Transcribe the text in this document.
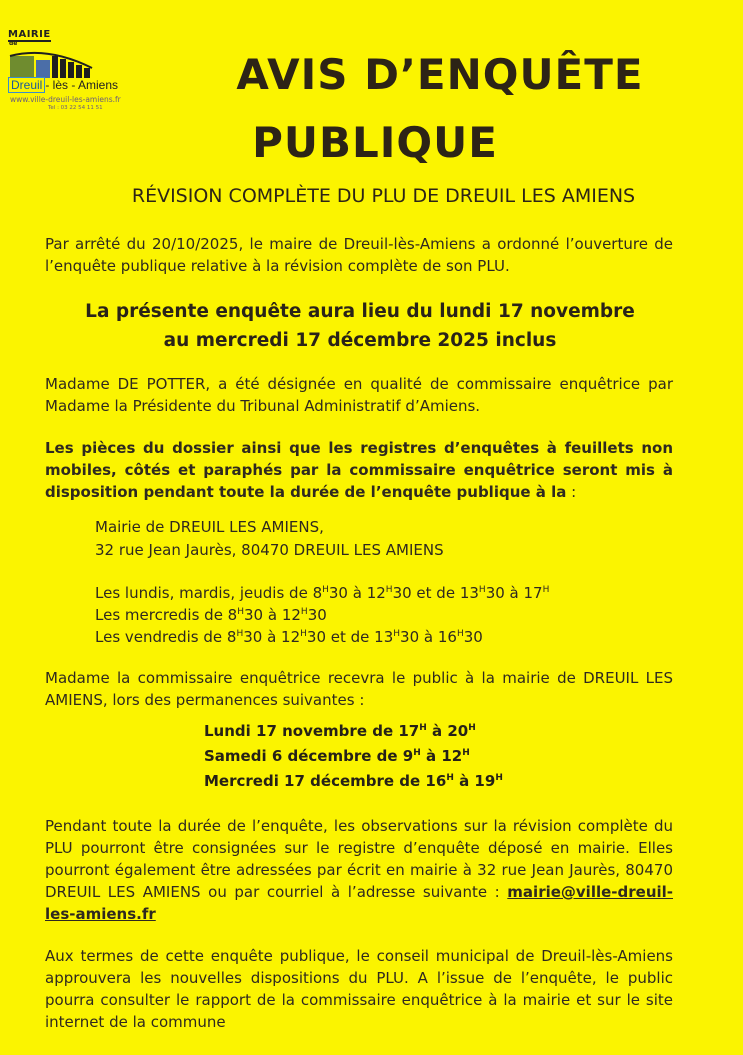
MAIRIE
de
Dreuil - lès - Amiens
www.ville-dreuil-les-amiens.fr
Tel : 03 22 54 11 51
AVIS D’ENQUÊTE
PUBLIQUE
RÉVISION COMPLÈTE DU PLU DE DREUIL LES AMIENS
Par arrêté du 20/10/2025, le maire de Dreuil-lès-Amiens a ordonné l’ouverture de l’enquête publique relative à la révision complète de son PLU.
La présente enquête aura lieu du lundi 17 novembre
au mercredi 17 décembre 2025 inclus
Madame DE POTTER, a été désignée en qualité de commissaire enquêtrice par Madame la Présidente du Tribunal Administratif d’Amiens.
Les pièces du dossier ainsi que les registres d’enquêtes à feuillets non mobiles, côtés et paraphés par la commissaire enquêtrice seront mis à disposition pendant toute la durée de l’enquête publique à la :
Mairie de DREUIL LES AMIENS,
32 rue Jean Jaurès, 80470 DREUIL LES AMIENS
Les lundis, mardis, jeudis de $8^H30$ à $12^H30$ et de $13^H30$ à $17^H$
Les mercredis de $8^H30$ à $12^H30$
Les vendredis de $8^H30$ à $12^H30$ et de $13^H30$ à $16^H30$
Madame la commissaire enquêtrice recevra le public à la mairie de DREUIL LES AMIENS, lors des permanences suivantes :
Lundi 17 novembre de $17^H$ à $20^H$
Samedi 6 décembre de $9^H$ à $12^H$
Mercredi 17 décembre de $16^H$ à $19^H$
Pendant toute la durée de l’enquête, les observations sur la révision complète du PLU pourront être consignées sur le registre d’enquête déposé en mairie. Elles pourront également être adressées par écrit en mairie à 32 rue Jean Jaurès, 80470 DREUIL LES AMIENS ou par courriel à l’adresse suivante : mairie@ville-dreuil-les-amiens.fr
Aux termes de cette enquête publique, le conseil municipal de Dreuil-lès-Amiens approuvera les nouvelles dispositions du PLU. A l’issue de l’enquête, le public pourra consulter le rapport de la commissaire enquêtrice à la mairie et sur le site internet de la commune
